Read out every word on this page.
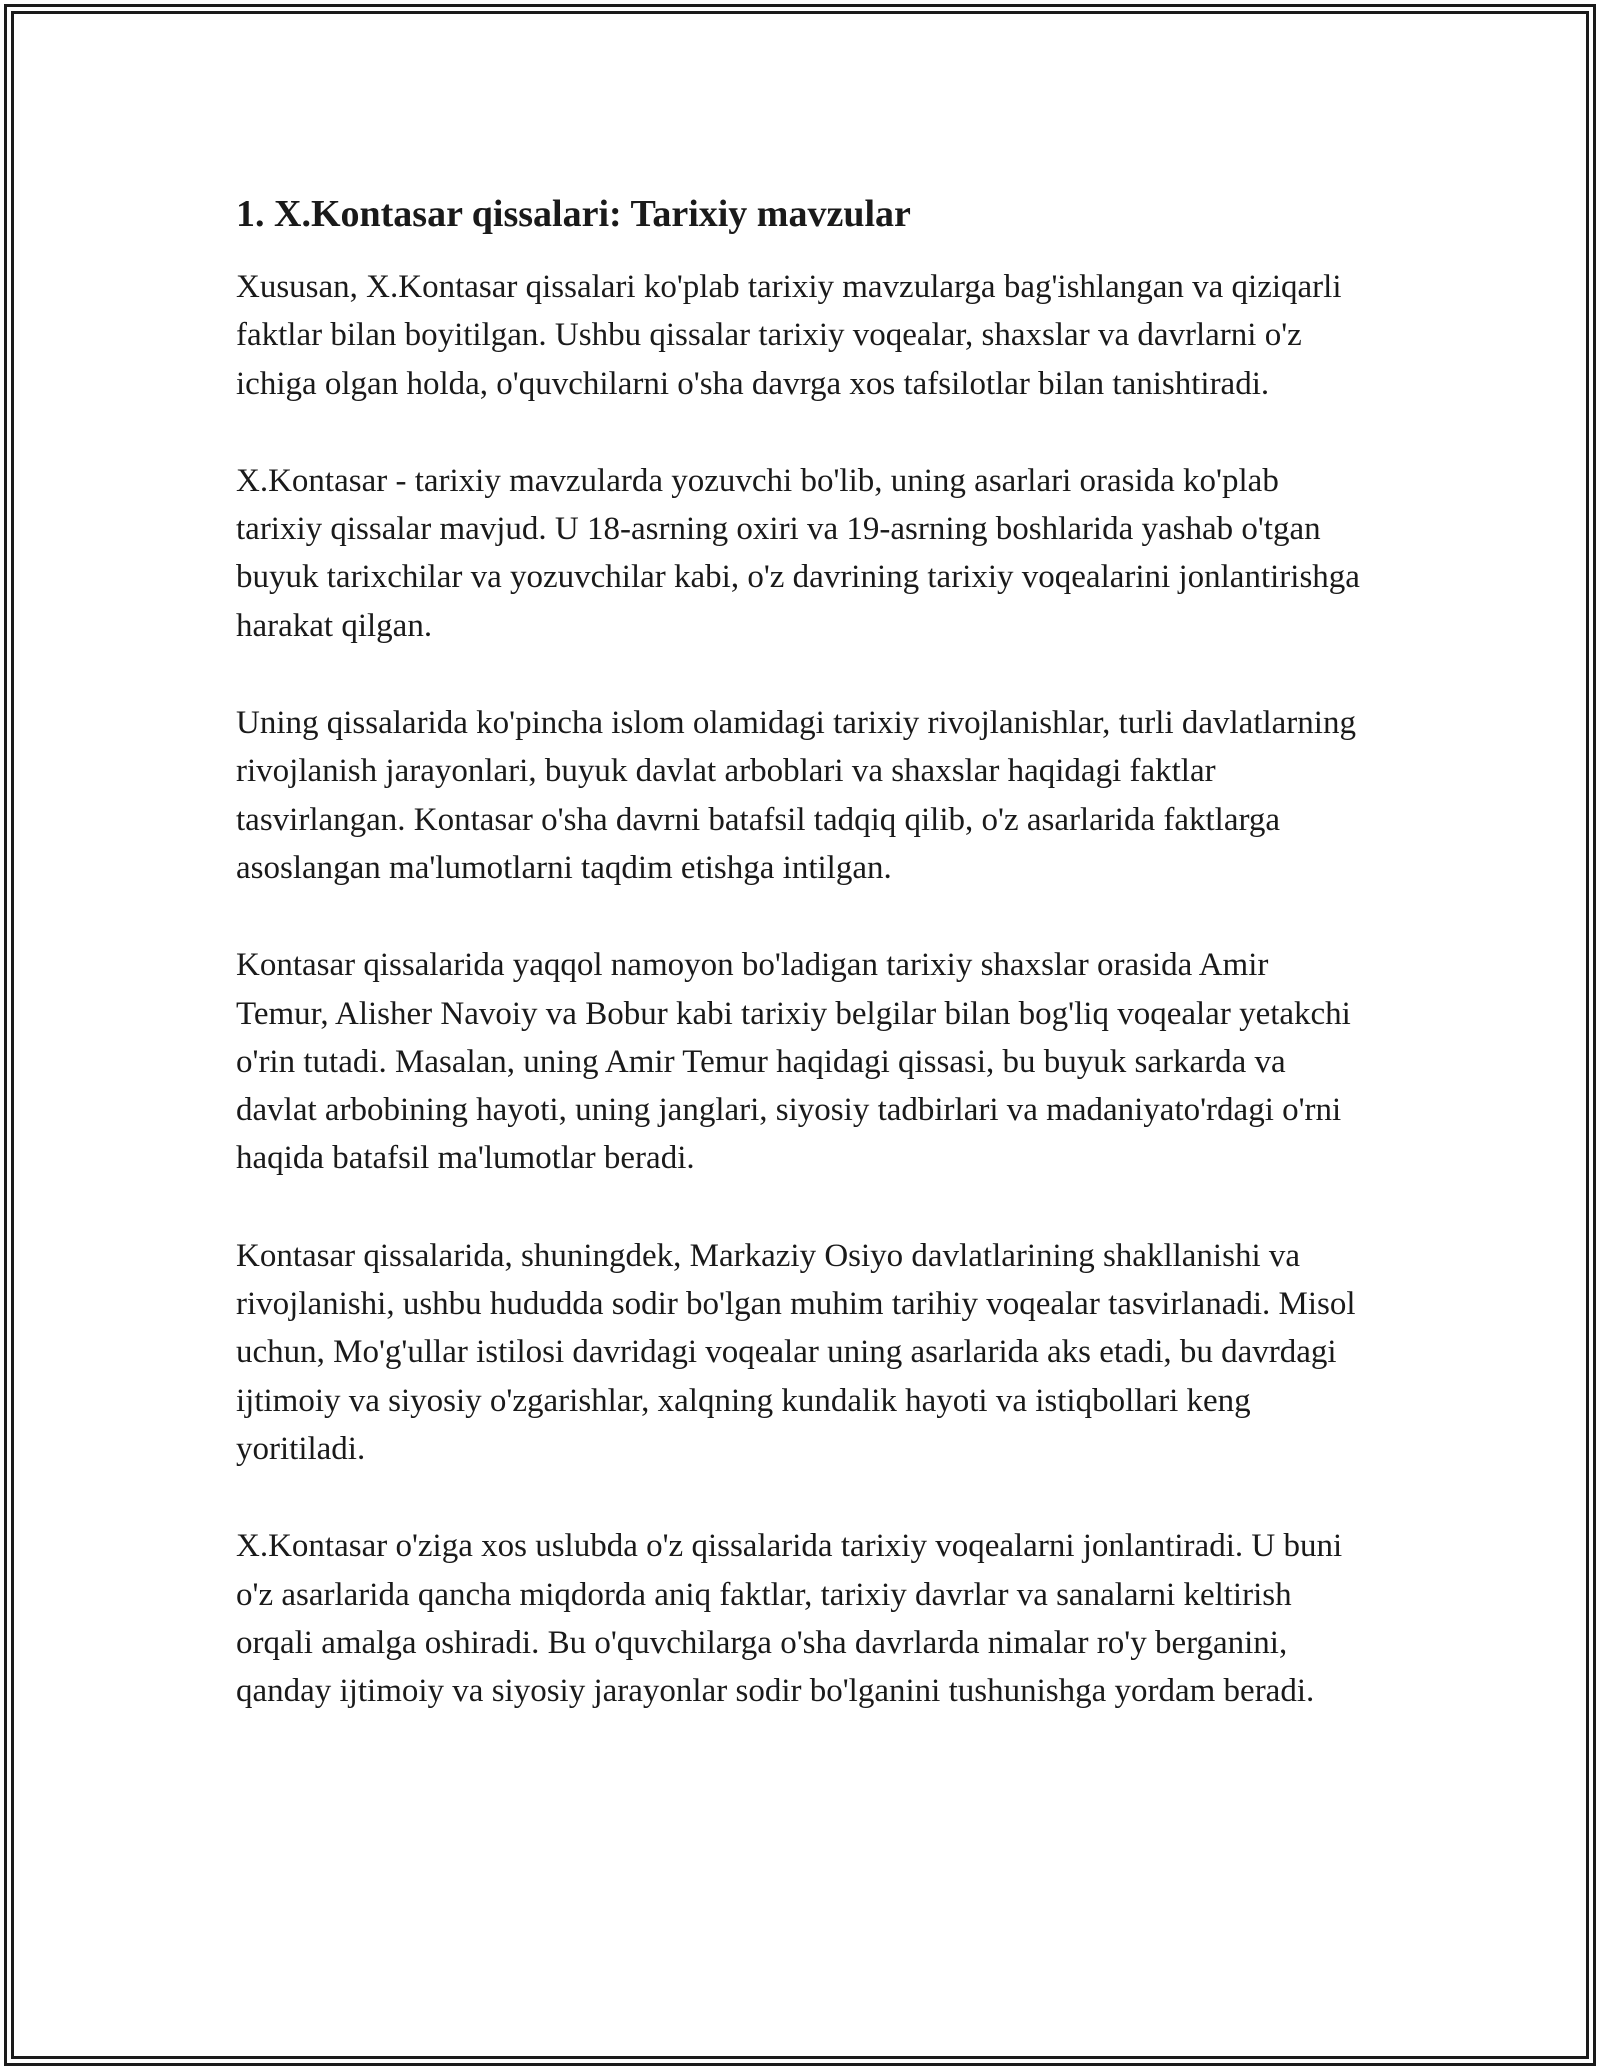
1. X.Kontasar qissalari: Tarixiy mavzular

Xususan, X.Kontasar qissalari ko'plab tarixiy mavzularga bag'ishlangan va qiziqarli faktlar bilan boyitilgan. Ushbu qissalar tarixiy voqealar, shaxslar va davrlarni o'z ichiga olgan holda, o'quvchilarni o'sha davrga xos tafsilotlar bilan tanishtiradi.

X.Kontasar - tarixiy mavzularda yozuvchi bo'lib, uning asarlari orasida ko'plab tarixiy qissalar mavjud. U 18-asrning oxiri va 19-asrning boshlarida yashab o'tgan buyuk tarixchilar va yozuvchilar kabi, o'z davrining tarixiy voqealarini jonlantirishga harakat qilgan.

Uning qissalarida ko'pincha islom olamidagi tarixiy rivojlanishlar, turli davlatlarning rivojlanish jarayonlari, buyuk davlat arboblari va shaxslar haqidagi faktlar tasvirlangan. Kontasar o'sha davrni batafsil tadqiq qilib, o'z asarlarida faktlarga asoslangan ma'lumotlarni taqdim etishga intilgan.

Kontasar qissalarida yaqqol namoyon bo'ladigan tarixiy shaxslar orasida Amir Temur, Alisher Navoiy va Bobur kabi tarixiy belgilar bilan bog'liq voqealar yetakchi o'rin tutadi. Masalan, uning Amir Temur haqidagi qissasi, bu buyuk sarkarda va davlat arbobining hayoti, uning janglari, siyosiy tadbirlari va madaniyato'rdagi o'rni haqida batafsil ma'lumotlar beradi.

Kontasar qissalarida, shuningdek, Markaziy Osiyo davlatlarining shakllanishi va rivojlanishi, ushbu hududda sodir bo'lgan muhim tarihiy voqealar tasvirlanadi. Misol uchun, Mo'g'ullar istilosi davridagi voqealar uning asarlarida aks etadi, bu davrdagi ijtimoiy va siyosiy o'zgarishlar, xalqning kundalik hayoti va istiqbollari keng yoritiladi.

X.Kontasar o'ziga xos uslubda o'z qissalarida tarixiy voqealarni jonlantiradi. U buni o'z asarlarida qancha miqdorda aniq faktlar, tarixiy davrlar va sanalarni keltirish orqali amalga oshiradi. Bu o'quvchilarga o'sha davrlarda nimalar ro'y berganini, qanday ijtimoiy va siyosiy jarayonlar sodir bo'lganini tushunishga yordam beradi.
